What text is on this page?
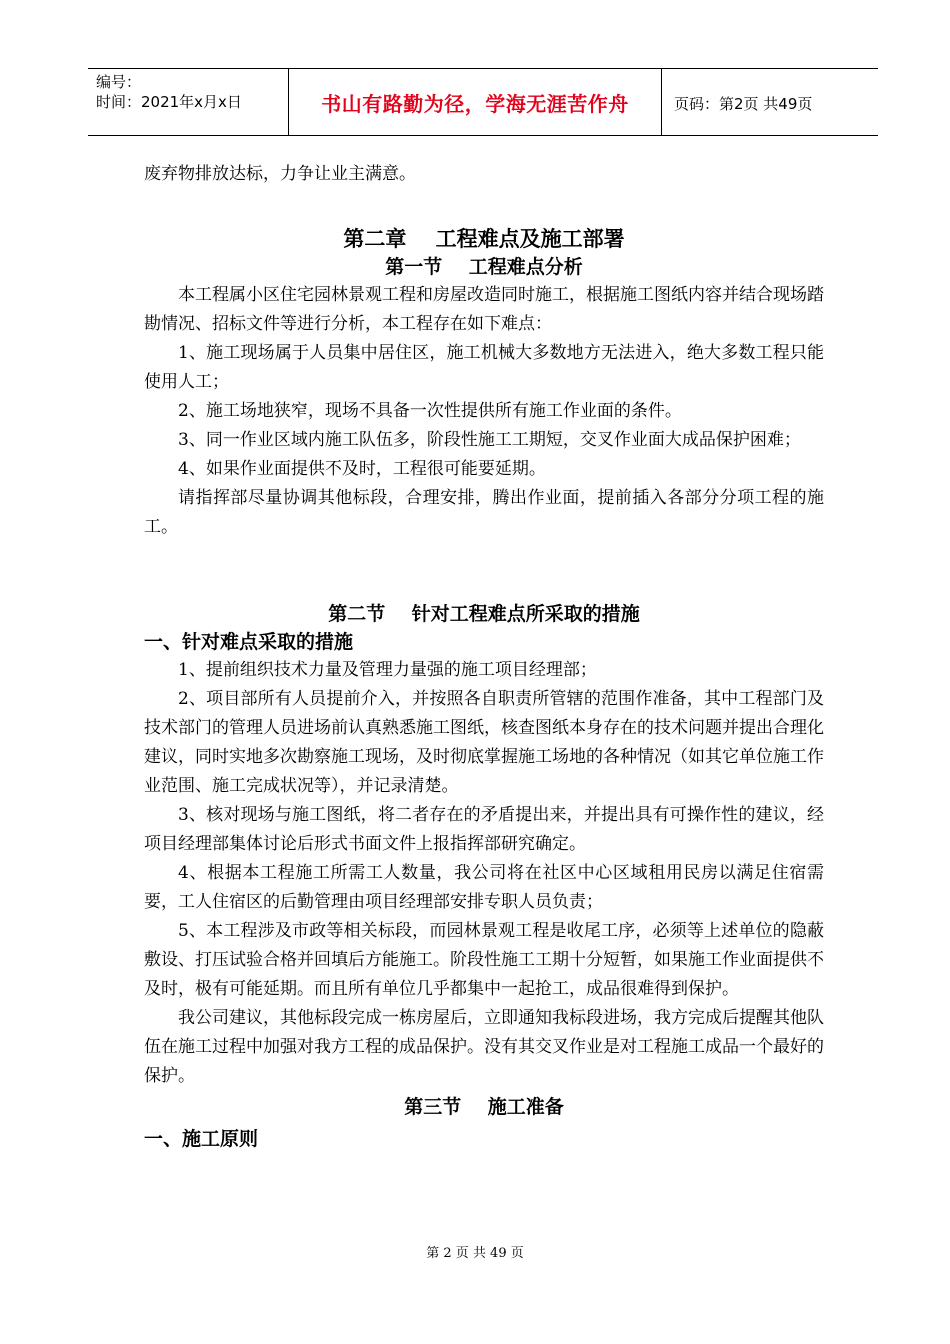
编号：
时间：2021年x月x日	书山有路勤为径，学海无涯苦作舟	页码：第2页 共49页

废弃物排放达标，力争让业主满意。

第二章    工程难点及施工部署

第一节    工程难点分析

本工程属小区住宅园林景观工程和房屋改造同时施工，根据施工图纸内容并结合现场踏勘情况、招标文件等进行分析，本工程存在如下难点：

1、施工现场属于人员集中居住区，施工机械大多数地方无法进入，绝大多数工程只能使用人工；

2、施工场地狭窄，现场不具备一次性提供所有施工作业面的条件。

3、同一作业区域内施工队伍多，阶段性施工工期短，交叉作业面大成品保护困难；

4、如果作业面提供不及时，工程很可能要延期。

请指挥部尽量协调其他标段，合理安排，腾出作业面，提前插入各部分分项工程的施工。

第二节    针对工程难点所采取的措施

一、针对难点采取的措施

1、提前组织技术力量及管理力量强的施工项目经理部；

2、项目部所有人员提前介入，并按照各自职责所管辖的范围作准备，其中工程部门及技术部门的管理人员进场前认真熟悉施工图纸，核查图纸本身存在的技术问题并提出合理化建议，同时实地多次勘察施工现场，及时彻底掌握施工场地的各种情况（如其它单位施工作业范围、施工完成状况等），并记录清楚。

3、核对现场与施工图纸，将二者存在的矛盾提出来，并提出具有可操作性的建议，经项目经理部集体讨论后形式书面文件上报指挥部研究确定。

4、根据本工程施工所需工人数量，我公司将在社区中心区域租用民房以满足住宿需要，工人住宿区的后勤管理由项目经理部安排专职人员负责；

5、本工程涉及市政等相关标段，而园林景观工程是收尾工序，必须等上述单位的隐蔽敷设、打压试验合格并回填后方能施工。阶段性施工工期十分短暂，如果施工作业面提供不及时，极有可能延期。而且所有单位几乎都集中一起抢工，成品很难得到保护。

我公司建议，其他标段完成一栋房屋后，立即通知我标段进场，我方完成后提醒其他队伍在施工过程中加强对我方工程的成品保护。没有其交叉作业是对工程施工成品一个最好的保护。

第三节    施工准备

一、施工原则

第 2 页 共 49 页
